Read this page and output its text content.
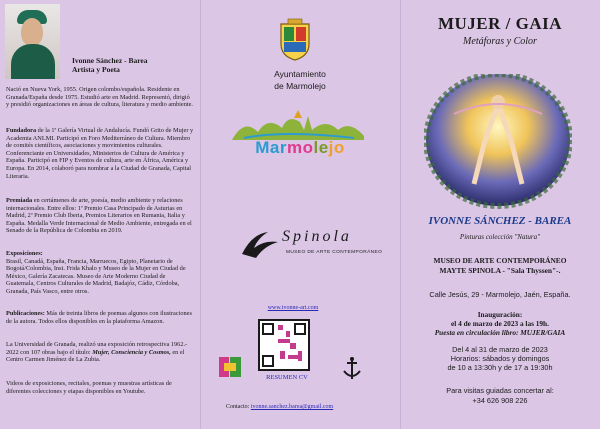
Ivonne Sánchez - Barea
Artista y Poeta

Nació en Nueva York, 1955. Origen colombo/española. Residente en Granada/España desde 1975. Estudió arte en Madrid. Representó, dirigió y presidió organizaciones en áreas de cultura, literatura y medio ambiente.

Fundadora de la 1ª Galería Virtual de Andalucía. Fundó Grito de Mujer y Academia ANLMI. Participó en Foro Mediterráneo de Cultura. Miembro de comités científicos, asociaciones y movimientos culturales. Conferenciante en Universidades, Ministerios de Cultura de América y España. Participó en FIP y Eventos de cultura, arte en África, América y Europa. En 2014, colaboró para nombrar a la Ciudad de Granada, Capital Literaria.

Premiada en certámenes de arte, poesía, medio ambiente y relaciones internacionales. Entre ellos: 1ª Premio Casa Principado de Asturias en Madrid, 2ª Premio Club Iberia, Premios Literarios en Rumania, Italia y España. Medalla Verde Internacional de Medio Ambiente, entregada en el Senado de la República de Colombia en 2019.

Exposiciones:
Brasil, Canadá, España, Francia, Marruecos, Egipto, Planetario de Bogotá/Colombia, Inst. Frida Khalo y Museo de la Mujer en Ciudad de México, Galería Zacatecas. Museo de Arte Moderno Ciudad de Guatemala, Centros Culturales de Madrid, Badajóz, Cádiz, Córdoba, Granada, País Vasco, entre otros.

Publicaciones: Más de treinta libros de poemas algunos con ilustraciones de la autora. Todos ellos disponibles en la plataforma Amazon.

La Universidad de Granada, realizó una exposición retrospectiva 1962.- 2022 con 107 obras bajo el título: Mujer, Consciencia y Cosmos, en el Centro Carmen Jiménez de La Zubia.

Videos de exposiciones, recitales, poemas y muestras artísticas de diferentes colecciones y etapas disponibles en Youtube.

Ayuntamiento
de Marmolejo
Marmolejo
Spinola
MUSEO DE ARTE CONTEMPORÁNEO
www.ivonne-art.com
RESUMEN CV
Contacto: ivonne.sanchez.barea@gmail.com
MUJER / GAIA
Metáforas y Color
IVONNE SÁNCHEZ - BAREA
Pinturas colección "Natura"
MUSEO DE ARTE CONTEMPORÁNEO
MAYTE SPINOLA - "Sala Thyssen"-.
Calle Jesús, 29 - Marmolejo, Jaén, España.
Inauguración:
el 4 de marzo de 2023 a las 19h.
Puesta en circulación libro: MUJER/GAIA
Del 4 al 31 de marzo de 2023
Horarios: sábados y domingos
de 10 a 13:30h y de 17 a 19:30h
Para visitas guiadas concertar al:
+34 626 908 226
